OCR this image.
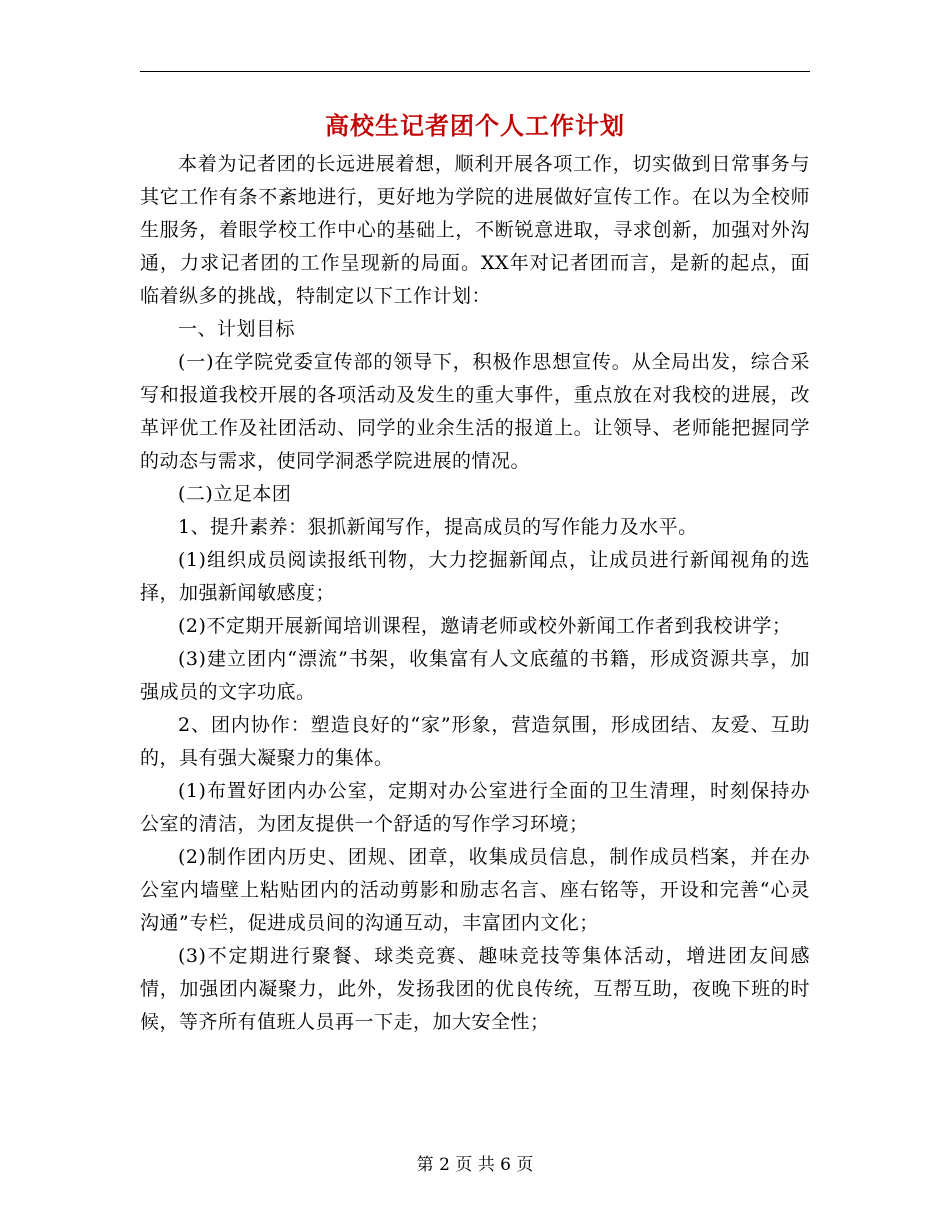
高校生记者团个人工作计划

本着为记者团的长远进展着想，顺利开展各项工作，切实做到日常事务与其它工作有条不紊地进行，更好地为学院的进展做好宣传工作。在以为全校师生服务，着眼学校工作中心的基础上，不断锐意进取，寻求创新，加强对外沟通，力求记者团的工作呈现新的局面。XX年对记者团而言，是新的起点，面临着纵多的挑战，特制定以下工作计划：

一、计划目标

(一)在学院党委宣传部的领导下，积极作思想宣传。从全局出发，综合采写和报道我校开展的各项活动及发生的重大事件，重点放在对我校的进展，改革评优工作及社团活动、同学的业余生活的报道上。让领导、老师能把握同学的动态与需求，使同学洞悉学院进展的情况。

(二)立足本团

1、提升素养：狠抓新闻写作，提高成员的写作能力及水平。

(1)组织成员阅读报纸刊物，大力挖掘新闻点，让成员进行新闻视角的选择，加强新闻敏感度；

(2)不定期开展新闻培训课程，邀请老师或校外新闻工作者到我校讲学；

(3)建立团内“漂流”书架，收集富有人文底蕴的书籍，形成资源共享，加强成员的文字功底。

2、团内协作：塑造良好的“家”形象，营造氛围，形成团结、友爱、互助的，具有强大凝聚力的集体。

(1)布置好团内办公室，定期对办公室进行全面的卫生清理，时刻保持办公室的清洁，为团友提供一个舒适的写作学习环境；

(2)制作团内历史、团规、团章，收集成员信息，制作成员档案，并在办公室内墙壁上粘贴团内的活动剪影和励志名言、座右铭等，开设和完善“心灵沟通”专栏，促进成员间的沟通互动，丰富团内文化；

(3)不定期进行聚餐、球类竞赛、趣味竞技等集体活动，增进团友间感情，加强团内凝聚力，此外，发扬我团的优良传统，互帮互助，夜晚下班的时候，等齐所有值班人员再一下走，加大安全性；

第 2 页 共 6 页
